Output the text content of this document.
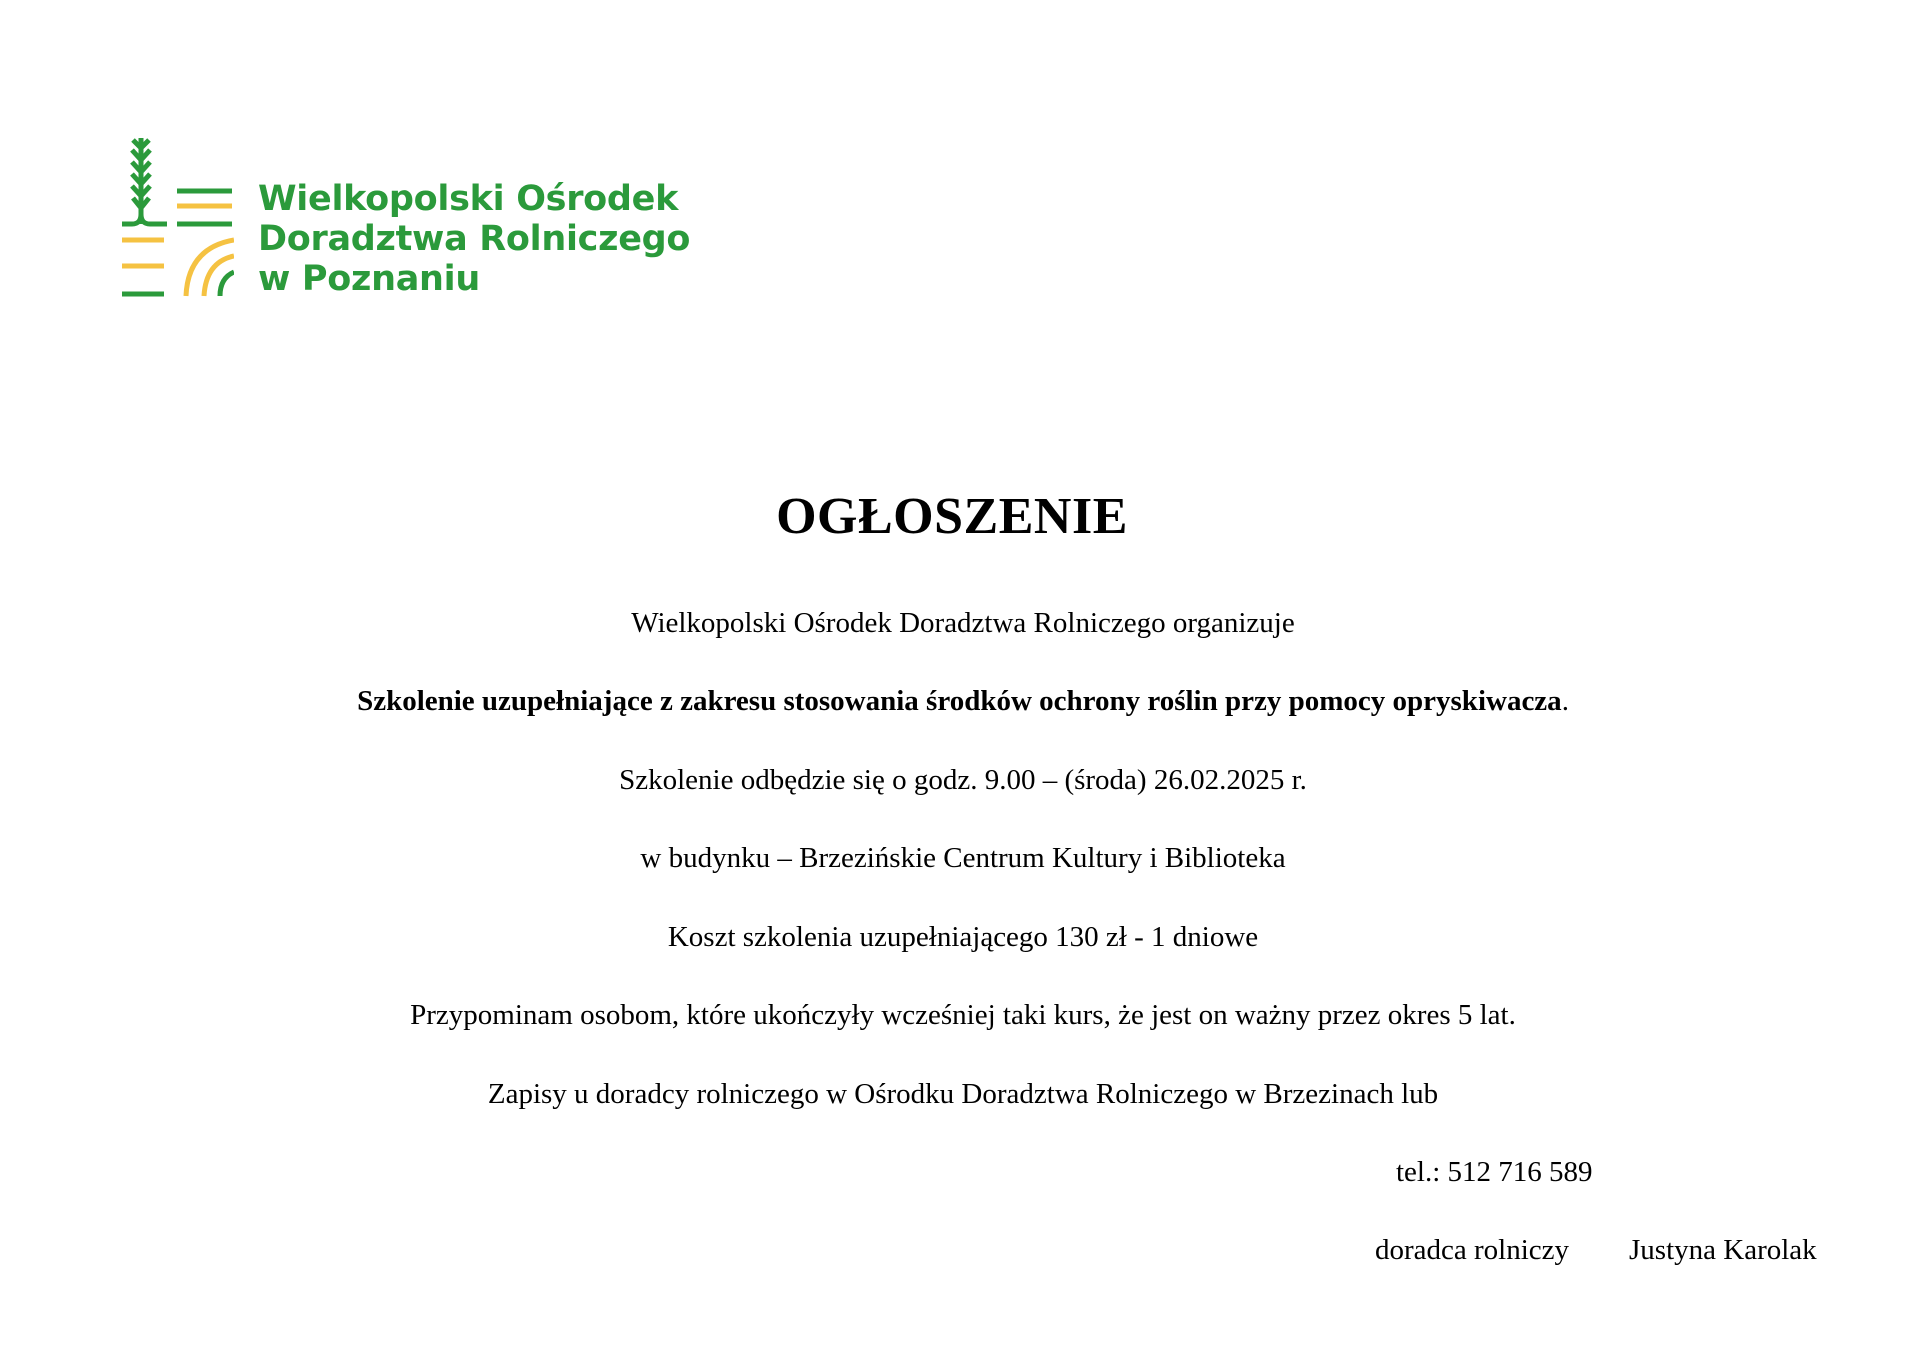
Wielkopolski Ośrodek
Doradztwa Rolniczego
w Poznaniu
OGŁOSZENIE
Wielkopolski Ośrodek Doradztwa Rolniczego organizuje
Szkolenie uzupełniające z zakresu stosowania środków ochrony roślin przy pomocy opryskiwacza.
Szkolenie odbędzie się o godz. 9.00 – (środa) 26.02.2025 r.
w budynku – Brzezińskie Centrum Kultury i Biblioteka
Koszt szkolenia uzupełniającego 130 zł - 1 dniowe
Przypominam osobom, które ukończyły wcześniej taki kurs, że jest on ważny przez okres 5 lat.
Zapisy u doradcy rolniczego w Ośrodku Doradztwa Rolniczego w Brzezinach lub
tel.: 512 716 589
doradca rolniczy Justyna Karolak
